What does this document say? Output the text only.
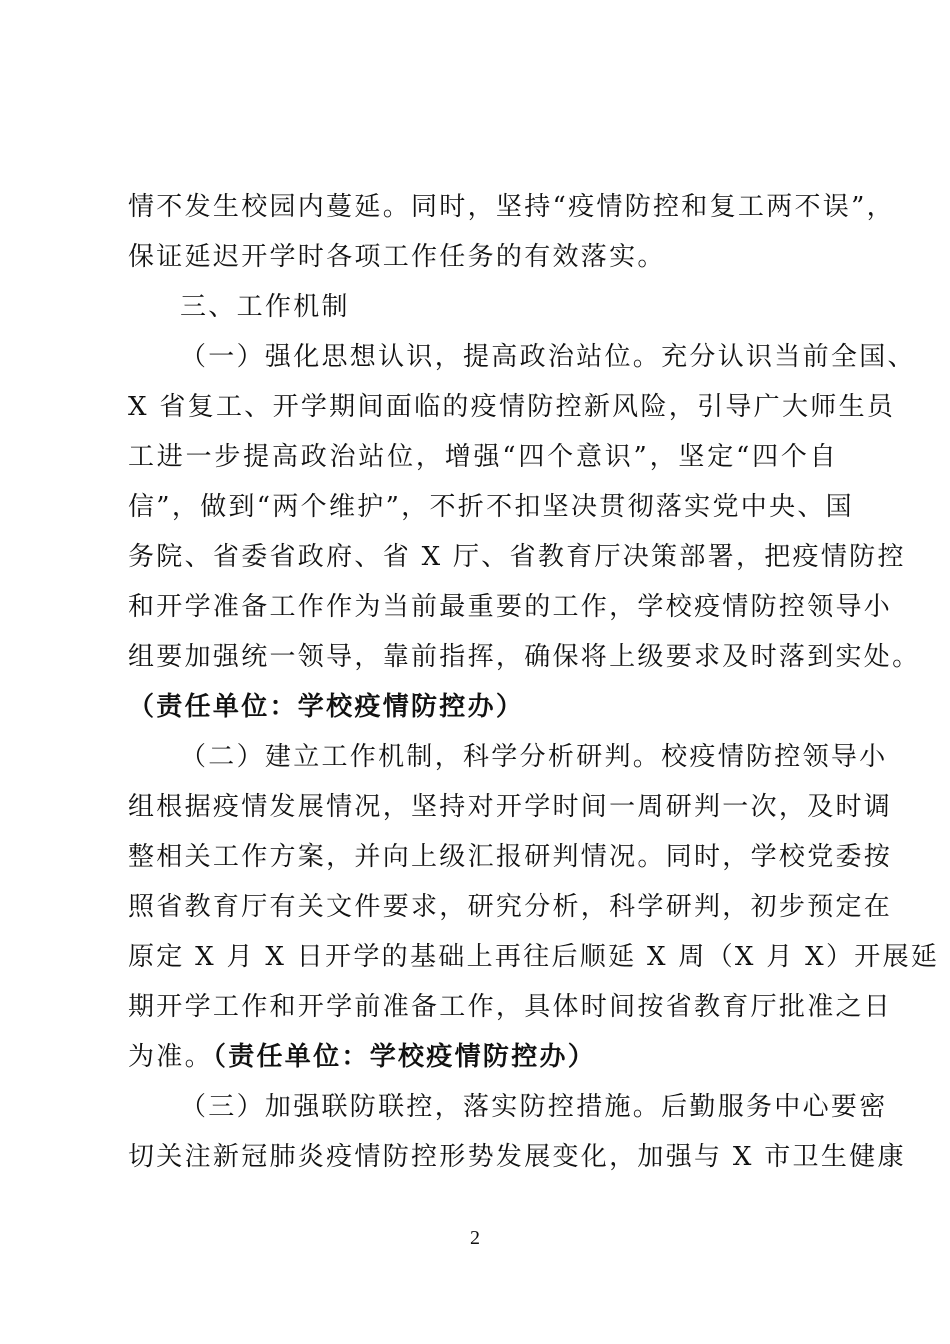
情不发生校园内蔓延。同时，坚持“疫情防控和复工两不误”，
保证延迟开学时各项工作任务的有效落实。
三、工作机制
（一）强化思想认识，提高政治站位。充分认识当前全国、
X 省复工、开学期间面临的疫情防控新风险，引导广大师生员
工进一步提高政治站位，增强“四个意识”，坚定“四个自
信”，做到“两个维护”，不折不扣坚决贯彻落实党中央、国
务院、省委省政府、省 X 厅、省教育厅决策部署，把疫情防控
和开学准备工作作为当前最重要的工作，学校疫情防控领导小
组要加强统一领导，靠前指挥，确保将上级要求及时落到实处。
（责任单位：学校疫情防控办）
（二）建立工作机制，科学分析研判。校疫情防控领导小
组根据疫情发展情况，坚持对开学时间一周研判一次，及时调
整相关工作方案，并向上级汇报研判情况。同时，学校党委按
照省教育厅有关文件要求，研究分析，科学研判，初步预定在
原定 X 月 X 日开学的基础上再往后顺延 X 周（X 月 X）开展延
期开学工作和开学前准备工作，具体时间按省教育厅批准之日
为准。（责任单位：学校疫情防控办）
（三）加强联防联控，落实防控措施。后勤服务中心要密
切关注新冠肺炎疫情防控形势发展变化，加强与 X 市卫生健康
2
